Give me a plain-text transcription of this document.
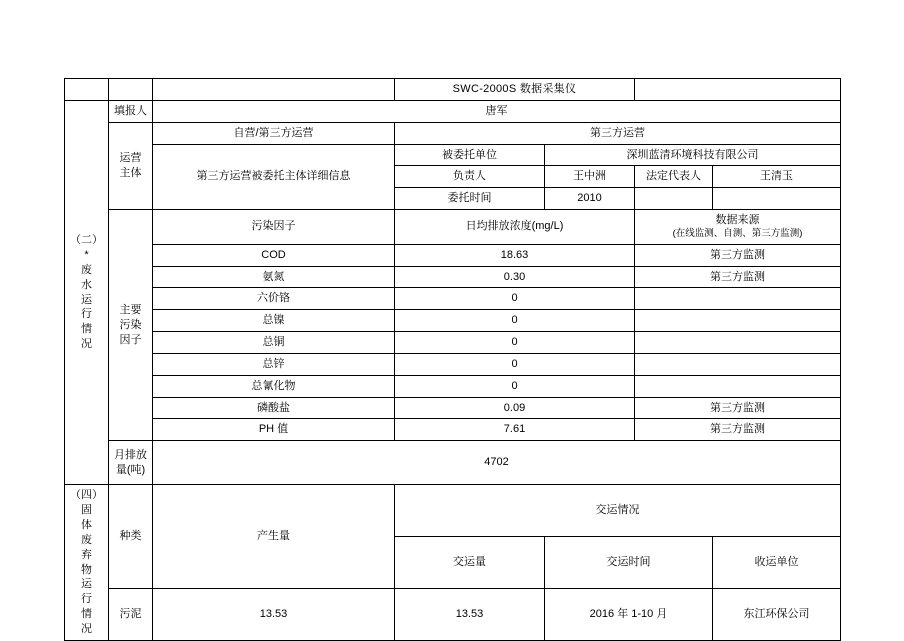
			SWC-2000S 数据采集仪			

（二）
*废水运行情况	填报人	唐军				

	运营主体	自营/第三方运营	第三方运营			
		第三方运营被委托主体详细信息	被委托单位	深圳蓝清环境科技有限公司		
			负责人	王中洲	法定代表人	王清玉
			委托时间	2010		

	主要污染因子	污染因子	日均排放浓度(mg/L)		数据来源
(在线监测、自测、第三方监测)	

		COD	18.63		第三方监测	
		氨氮	0.30		第三方监测	
		六价铬	0			
		总镍	0			
		总铜	0			
		总锌	0			
		总氰化物	0			
		磷酸盐	0.09		第三方监测	
		PH 值	7.61		第三方监测	

	月排放量(吨)	4702				

（四）
固体废弃物运行情况	种类	产生量	交运情况			
			交运量	交运时间		收运单位
	污泥	13.53	13.53	2016 年 1-10 月		东江环保公司
